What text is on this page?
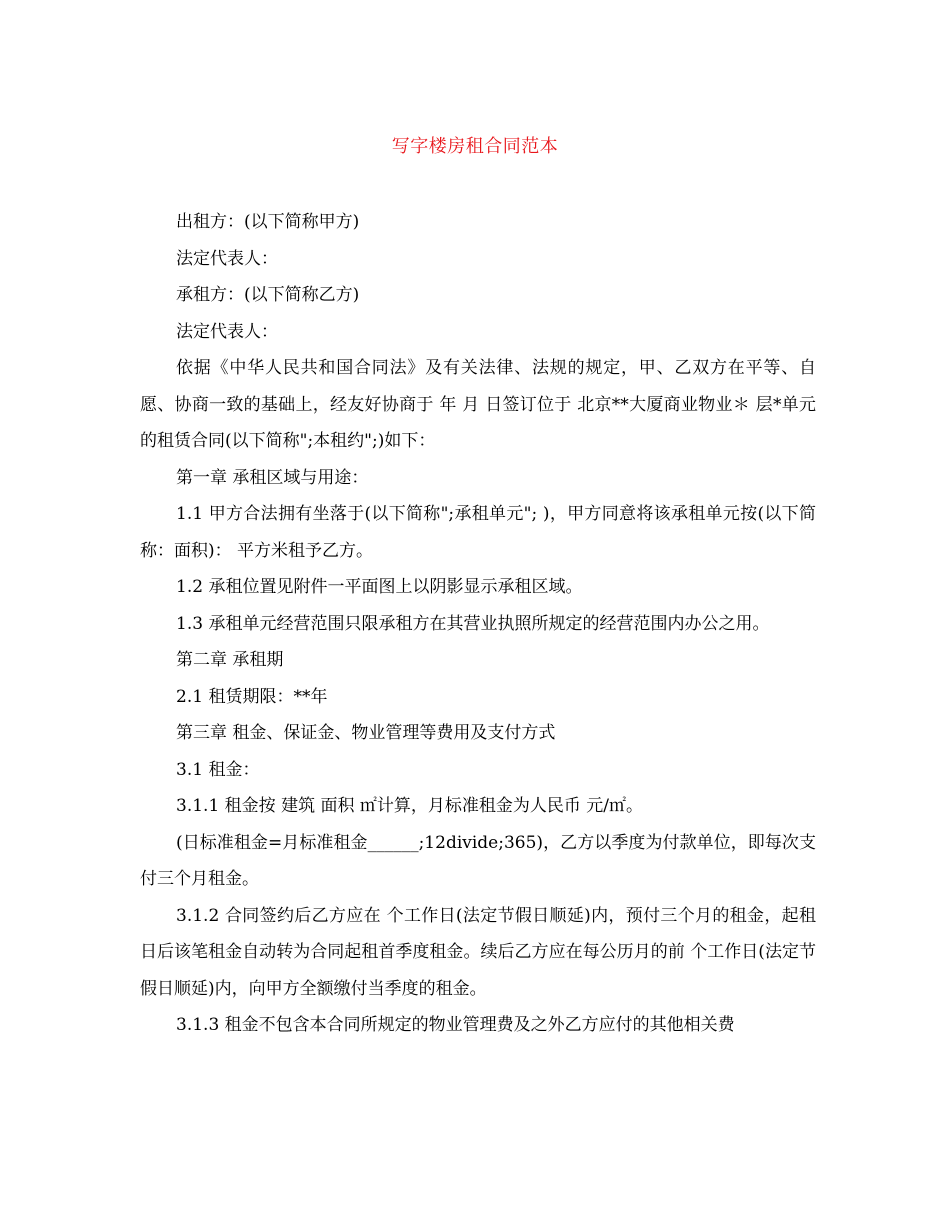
写字楼房租合同范本

出租方：(以下简称甲方)

法定代表人：

承租方：(以下简称乙方)

法定代表人：

依据《中华人民共和国合同法》及有关法律、法规的规定，甲、乙双方在平等、自愿、协商一致的基础上，经友好协商于 年 月 日签订位于 北京**大厦商业物业＊ 层*单元的租赁合同(以下简称";本租约";)如下：

第一章 承租区域与用途：

1.1 甲方合法拥有坐落于(以下简称";承租单元"; )，甲方同意将该承租单元按(以下简称：面积)： 平方米租予乙方。

1.2 承租位置见附件一平面图上以阴影显示承租区域。

1.3 承租单元经营范围只限承租方在其营业执照所规定的经营范围内办公之用。

第二章 承租期

2.1 租赁期限：**年

第三章 租金、保证金、物业管理等费用及支付方式

3.1 租金：

3.1.1 租金按 建筑 面积 ㎡计算，月标准租金为人民币 元/㎡。

(日标准租金=月标准租金______;12divide;365)，乙方以季度为付款单位，即每次支付三个月租金。

3.1.2 合同签约后乙方应在 个工作日(法定节假日顺延)内，预付三个月的租金，起租日后该笔租金自动转为合同起租首季度租金。续后乙方应在每公历月的前 个工作日(法定节假日顺延)内，向甲方全额缴付当季度的租金。

3.1.3 租金不包含本合同所规定的物业管理费及之外乙方应付的其他相关费
